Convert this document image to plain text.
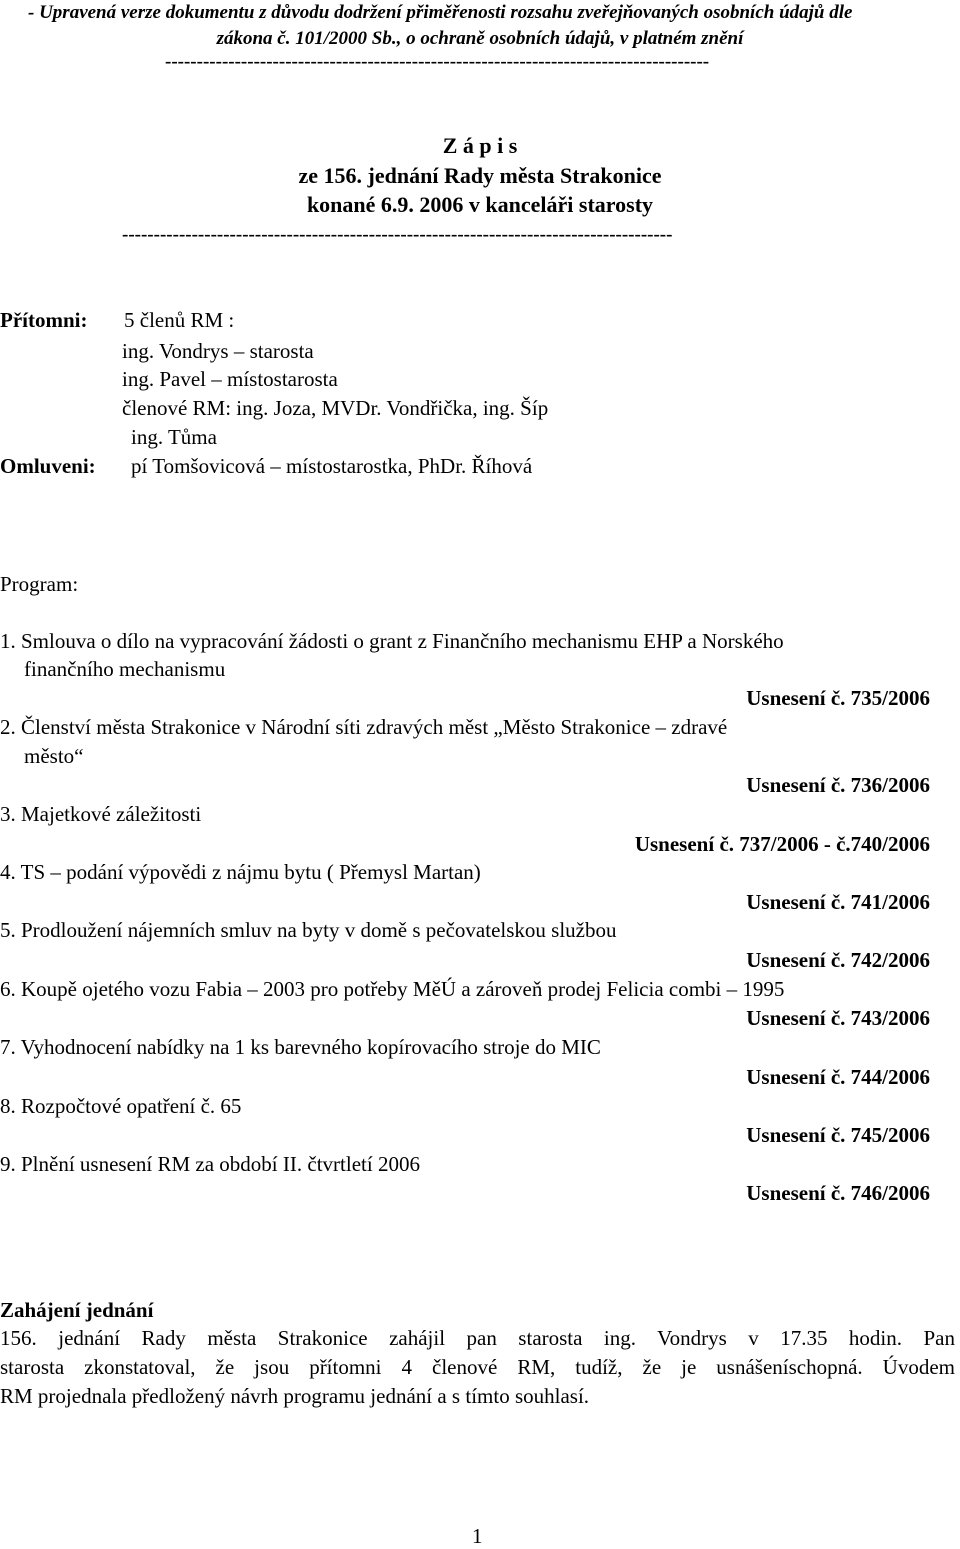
- Upravená verze dokumentu z důvodu dodržení přiměřenosti rozsahu zveřejňovaných osobních údajů dle
zákona č. 101/2000 Sb., o ochraně osobních údajů, v platném znění
--------------------------------------------------------------------------------------
Z á p i s
ze 156. jednání Rady města Strakonice
konané 6.9. 2006 v kanceláři starosty
---------------------------------------------------------------------------------------
Přítomni: 5 členů RM :
ing. Vondrys – starosta
ing. Pavel – místostarosta
členové RM: ing. Joza, MVDr. Vondřička, ing. Šíp
ing. Tůma
Omluveni: pí Tomšovicová – místostarostka, PhDr. Říhová
Program:
1. Smlouva o dílo na vypracování žádosti o grant z Finančního mechanismu EHP a Norského
finančního mechanismu
Usnesení č. 735/2006
2. Členství města Strakonice v Národní síti zdravých měst „Město Strakonice – zdravé
město“
Usnesení č. 736/2006
3. Majetkové záležitosti
Usnesení č. 737/2006 - č.740/2006
4. TS – podání výpovědi z nájmu bytu ( Přemysl Martan)
Usnesení č. 741/2006
5. Prodloužení nájemních smluv na byty v domě s pečovatelskou službou
Usnesení č. 742/2006
6. Koupě ojetého vozu Fabia – 2003 pro potřeby MěÚ a zároveň prodej Felicia combi – 1995
Usnesení č. 743/2006
7. Vyhodnocení nabídky na 1 ks barevného kopírovacího stroje do MIC
Usnesení č. 744/2006
8. Rozpočtové opatření č. 65
Usnesení č. 745/2006
9. Plnění usnesení RM za období II. čtvrtletí 2006
Usnesení č. 746/2006
Zahájení jednání
156. jednání Rady města Strakonice zahájil pan starosta ing. Vondrys v 17.35 hodin. Pan
starosta zkonstatoval, že jsou přítomni 4 členové RM, tudíž, že je usnášeníschopná. Úvodem
RM projednala předložený návrh programu jednání a s tímto souhlasí.
1
